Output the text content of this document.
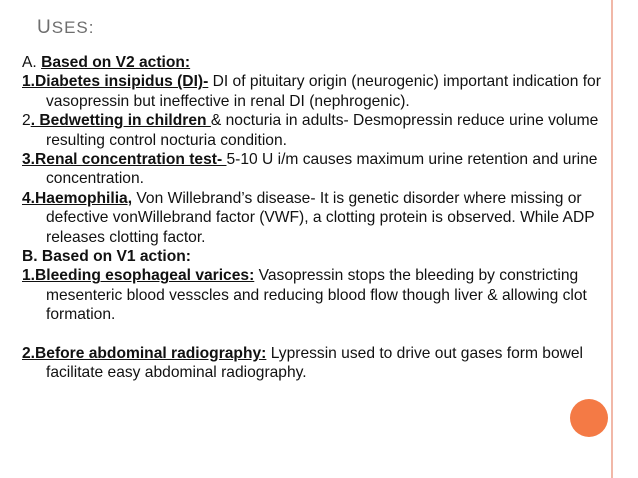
USES:

A. Based on V2 action:

1.Diabetes insipidus (DI)- DI of pituitary origin (neurogenic) important indication for vasopressin but ineffective in renal DI (nephrogenic).

2. Bedwetting in children & nocturia in adults- Desmopressin reduce urine volume resulting control nocturia condition.

3.Renal concentration test- 5-10 U i/m causes maximum urine retention and urine concentration.

4.Haemophilia, Von Willebrand’s disease- It is genetic disorder where missing or defective vonWillebrand factor (VWF), a clotting protein is observed. While ADP releases clotting factor.

B. Based on V1 action:

1.Bleeding esophageal varices: Vasopressin stops the bleeding by constricting mesenteric blood vesscles and reducing blood flow though liver & allowing clot formation.

2.Before abdominal radiography: Lypressin used to drive out gases form bowel facilitate easy abdominal radiography.
